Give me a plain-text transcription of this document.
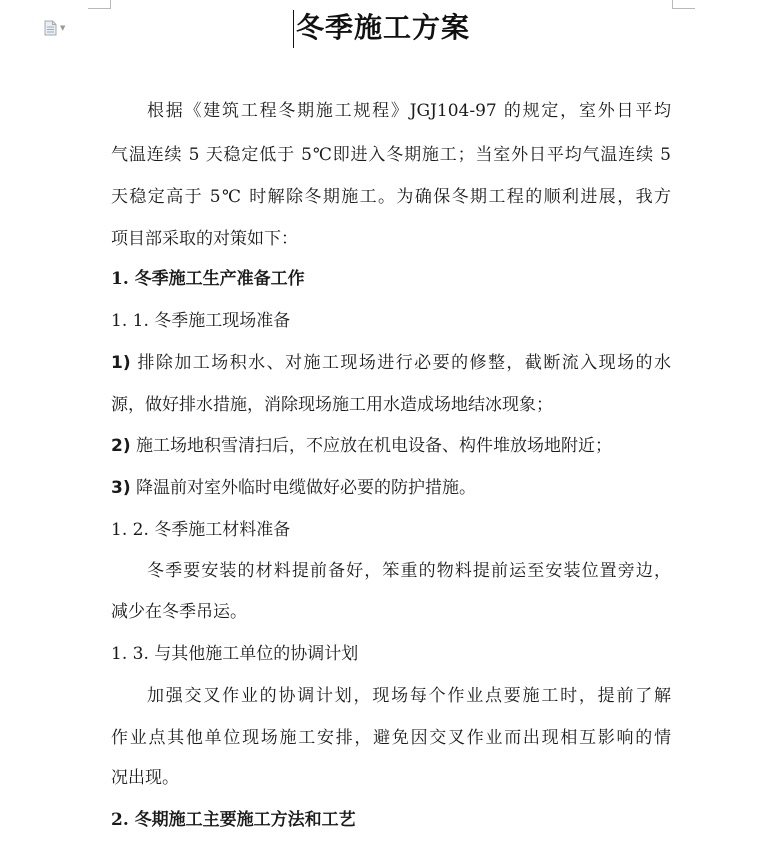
▼	冬季施工方案
根据《建筑工程冬期施工规程》JGJ104-97 的规定，室外日平均
气温连续 5 天稳定低于 5℃即进入冬期施工；当室外日平均气温连续 5
天稳定高于 5℃ 时解除冬期施工。为确保冬期工程的顺利进展，我方
项目部采取的对策如下：
1. 冬季施工生产准备工作
1. 1. 冬季施工现场准备
1) 排除加工场积水、对施工现场进行必要的修整，截断流入现场的水
源，做好排水措施，消除现场施工用水造成场地结冰现象；
2) 施工场地积雪清扫后，不应放在机电设备、构件堆放场地附近；
3) 降温前对室外临时电缆做好必要的防护措施。
1. 2. 冬季施工材料准备
冬季要安装的材料提前备好，笨重的物料提前运至安装位置旁边，
减少在冬季吊运。
1. 3. 与其他施工单位的协调计划
加强交叉作业的协调计划，现场每个作业点要施工时，提前了解
作业点其他单位现场施工安排，避免因交叉作业而出现相互影响的情
况出现。
2. 冬期施工主要施工方法和工艺
